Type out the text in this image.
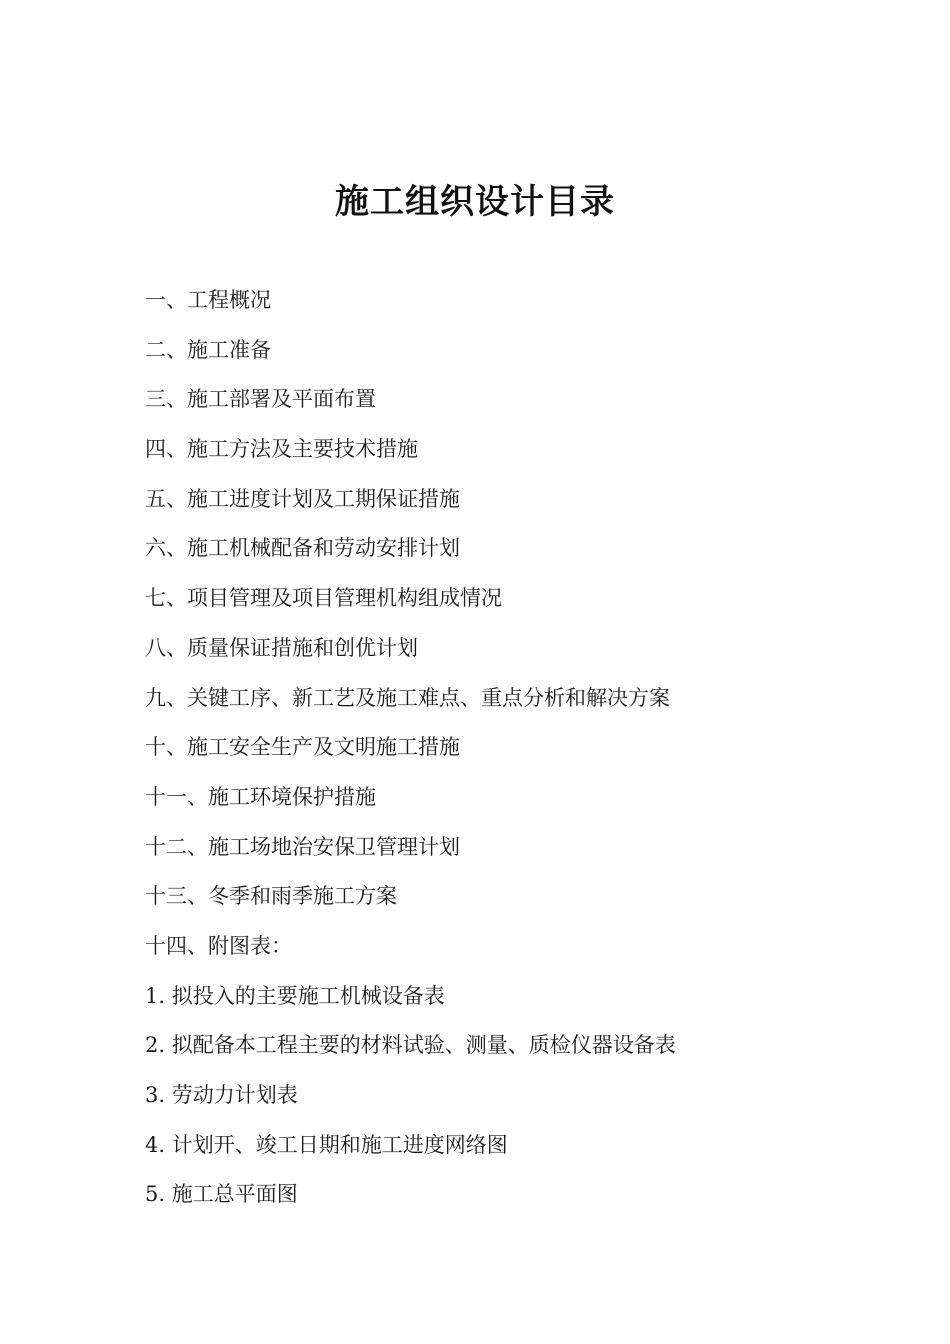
施工组织设计目录
一、工程概况
二、施工准备
三、施工部署及平面布置
四、施工方法及主要技术措施
五、施工进度计划及工期保证措施
六、施工机械配备和劳动安排计划
七、项目管理及项目管理机构组成情况
八、质量保证措施和创优计划
九、关键工序、新工艺及施工难点、重点分析和解决方案
十、施工安全生产及文明施工措施
十一、施工环境保护措施
十二、施工场地治安保卫管理计划
十三、冬季和雨季施工方案
十四、附图表：
1. 拟投入的主要施工机械设备表
2. 拟配备本工程主要的材料试验、测量、质检仪器设备表
3. 劳动力计划表
4. 计划开、竣工日期和施工进度网络图
5. 施工总平面图
